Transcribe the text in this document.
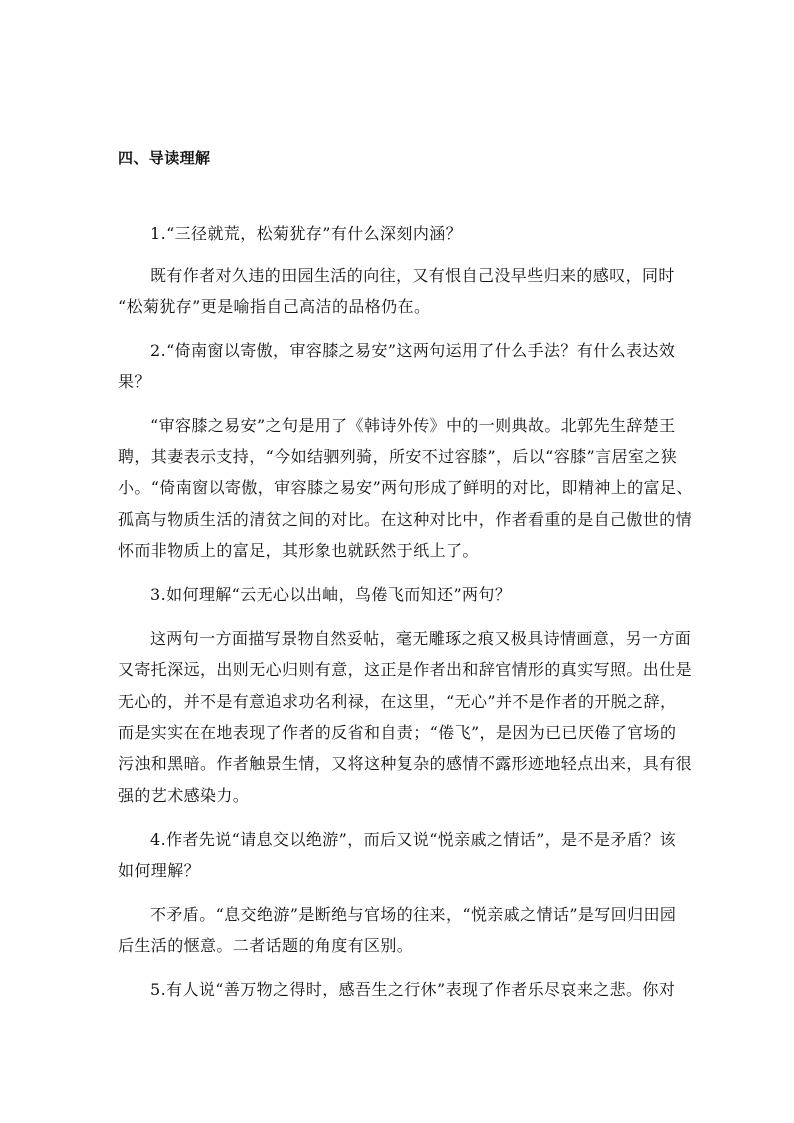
四、导读理解
1.“三径就荒，松菊犹存”有什么深刻内涵？
既有作者对久违的田园生活的向往，又有恨自己没早些归来的感叹，同时
“松菊犹存”更是喻指自己高洁的品格仍在。
2.“倚南窗以寄傲，审容膝之易安”这两句运用了什么手法？有什么表达效
果？
“审容膝之易安”之句是用了《韩诗外传》中的一则典故。北郭先生辞楚王
聘，其妻表示支持，“今如结驷列骑，所安不过容膝”，后以“容膝”言居室之狭
小。“倚南窗以寄傲，审容膝之易安”两句形成了鲜明的对比，即精神上的富足、
孤高与物质生活的清贫之间的对比。在这种对比中，作者看重的是自己傲世的情
怀而非物质上的富足，其形象也就跃然于纸上了。
3.如何理解“云无心以出岫，鸟倦飞而知还”两句？
这两句一方面描写景物自然妥帖，毫无雕琢之痕又极具诗情画意，另一方面
又寄托深远，出则无心归则有意，这正是作者出和辞官情形的真实写照。出仕是
无心的，并不是有意追求功名利禄，在这里，“无心”并不是作者的开脱之辞，
而是实实在在地表现了作者的反省和自责；“倦飞”，是因为已已厌倦了官场的
污浊和黑暗。作者触景生情，又将这种复杂的感情不露形迹地轻点出来，具有很
强的艺术感染力。
4.作者先说“请息交以绝游”，而后又说“悦亲戚之情话”，是不是矛盾？该
如何理解？
不矛盾。“息交绝游”是断绝与官场的往来，“悦亲戚之情话”是写回归田园
后生活的惬意。二者话题的角度有区别。
5.有人说“善万物之得时，感吾生之行休”表现了作者乐尽哀来之悲。你对
